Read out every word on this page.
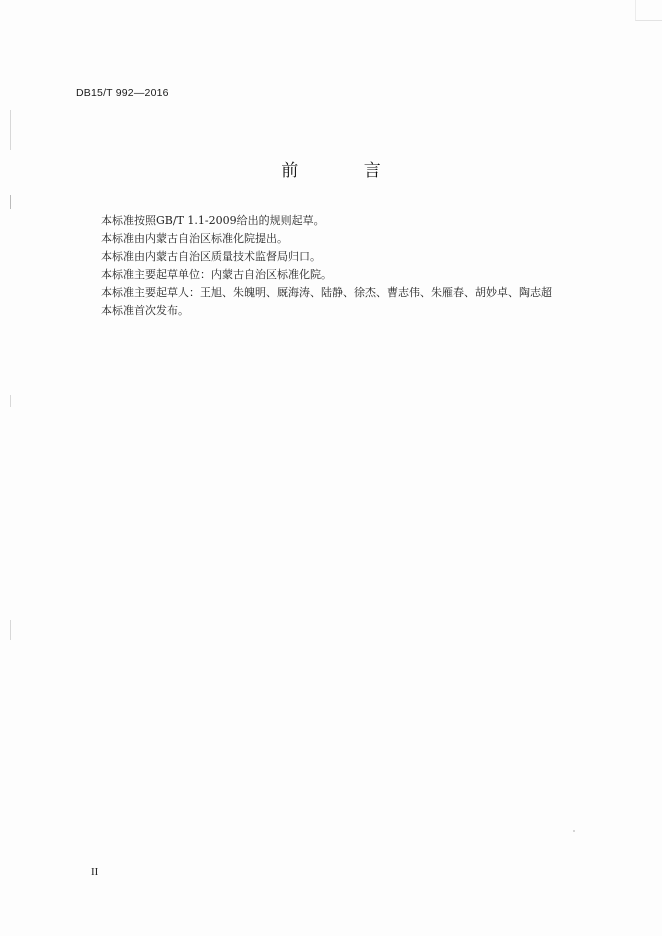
DB15/T 992—2016
前 言

本标准按照GB/T 1.1-2009给出的规则起草。

本标准由内蒙古自治区标准化院提出。

本标准由内蒙古自治区质量技术监督局归口。

本标准主要起草单位：内蒙古自治区标准化院。

本标准主要起草人：王旭、朱魄明、厩海涛、陆静、徐杰、曹志伟、朱雁春、胡妙卓、陶志超

本标准首次发布。

II
